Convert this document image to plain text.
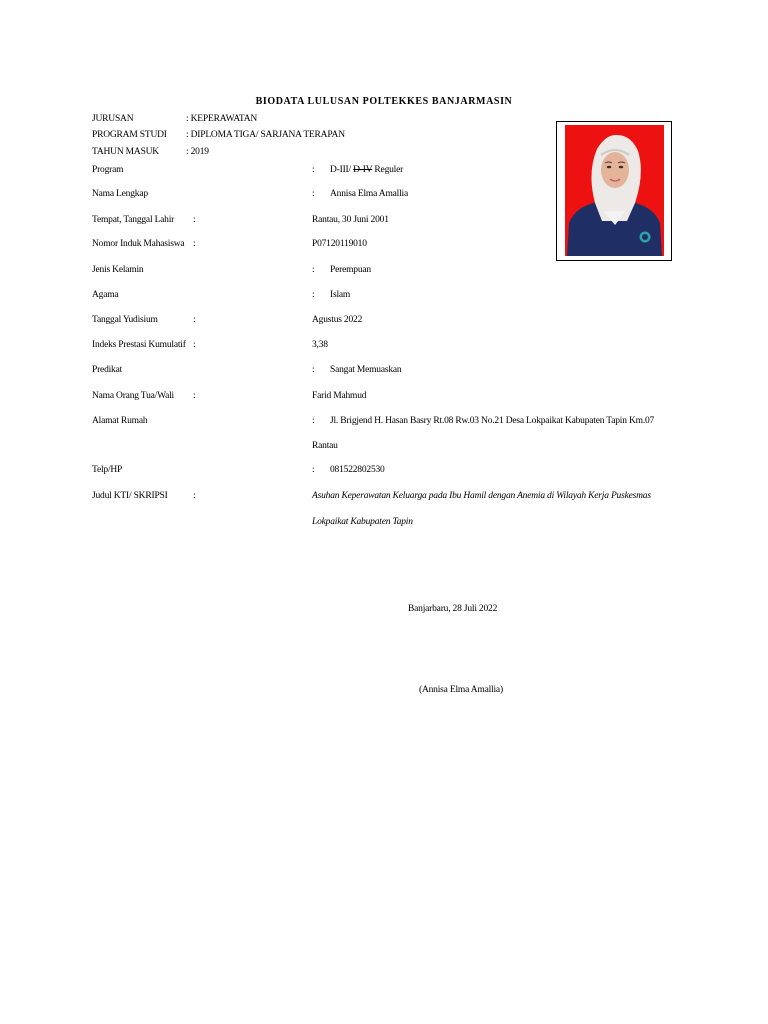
BIODATA LULUSAN POLTEKKES BANJARMASIN
JURUSAN	: KEPERAWATAN
PROGRAM STUDI : DIPLOMA TIGA/ SARJANA TERAPAN
TAHUN MASUK	: 2019
Program	: D-III/ D-IV Reguler
Nama Lengkap	: Annisa Elma Amallia
Tempat, Tanggal Lahir :	Rantau, 30 Juni 2001
Nomor Induk Mahasiswa :	P07120119010
Jenis Kelamin	: Perempuan
Agama	: Islam
Tanggal Yudisium	:	Agustus 2022
Indeks Prestasi Kumulatif :	3,38
Predikat	: Sangat Memuaskan
Nama Orang Tua/Wali :	Farid Mahmud
Alamat Rumah	: Jl. Brigjend H. Hasan Basry Rt.08 Rw.03 No.21 Desa Lokpaikat Kabupaten Tapin Km.07
Rantau
Telp/HP	: 081522802530
Judul KTI/ SKRIPSI	:	Asuhan Keperawatan Keluarga pada Ibu Hamil dengan Anemia di Wilayah Kerja Puskesmas
Lokpaikat Kabupaten Tapin
Banjarbaru, 28 Juli 2022
(Annisa Elma Amallia)
